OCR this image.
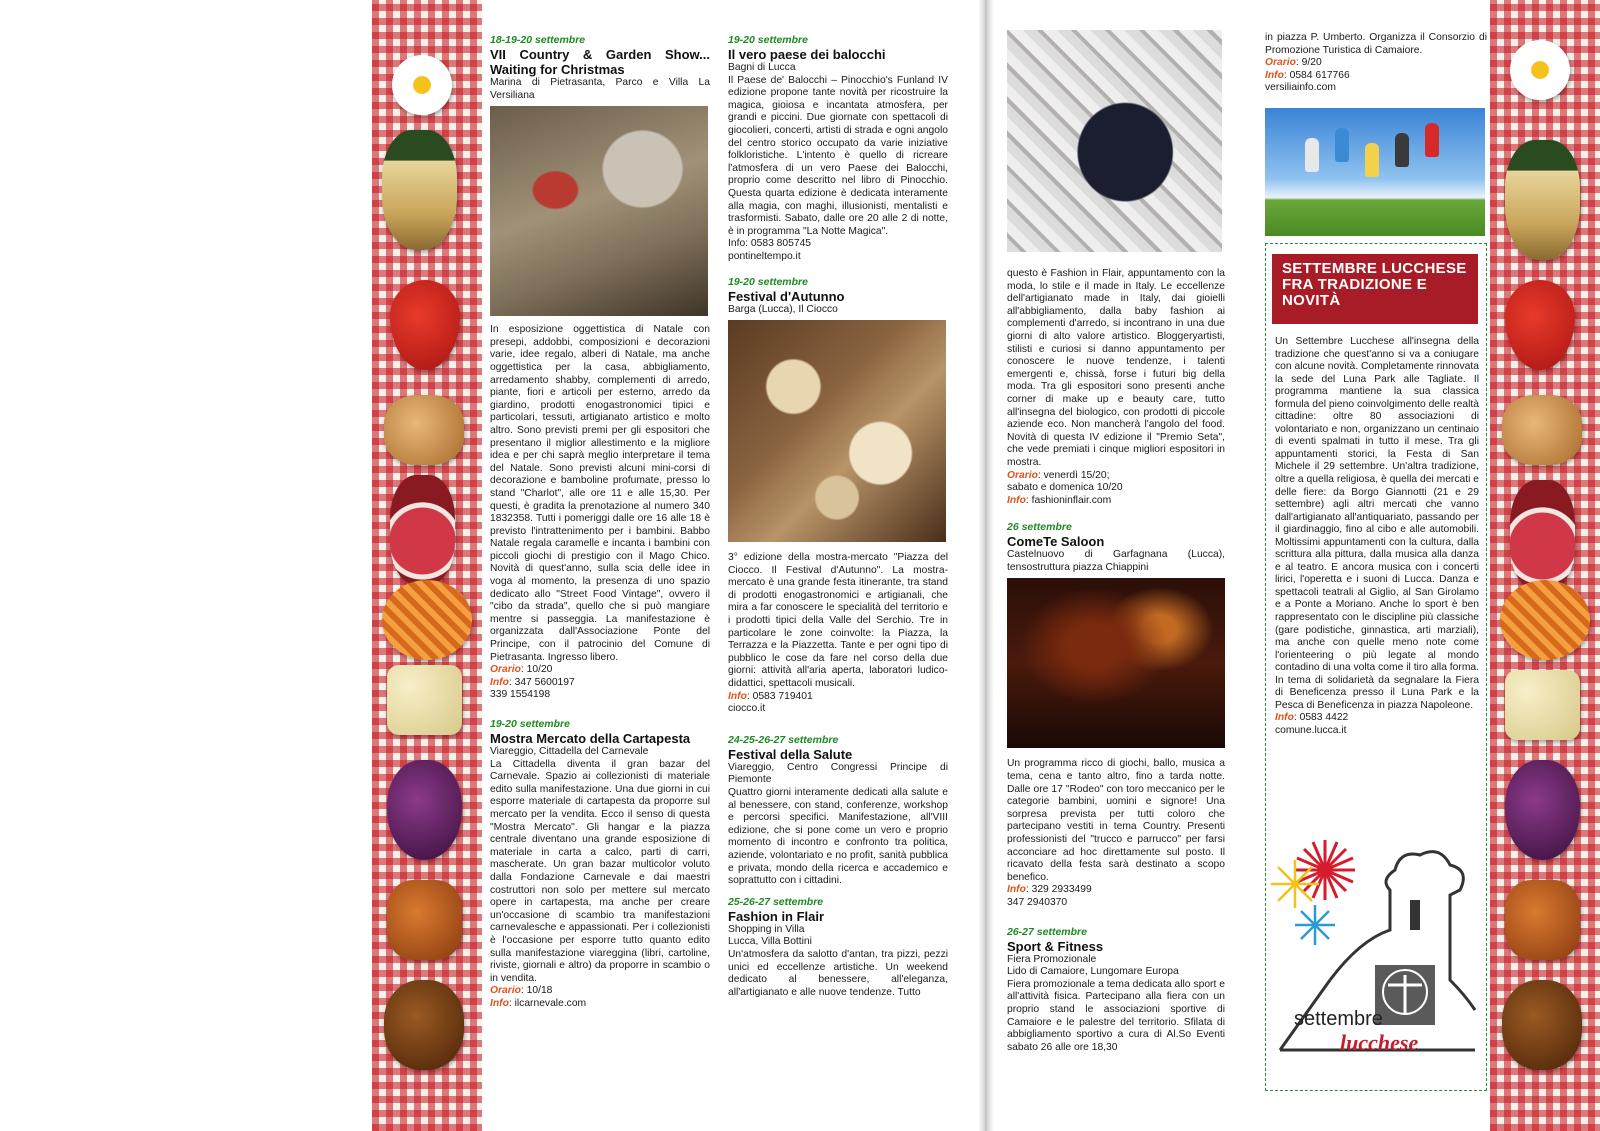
18-19-20 settembre
VII Country & Garden Show... Waiting for Christmas
Marina di Pietrasanta, Parco e Villa La Versiliana

In esposizione oggettistica di Natale con presepi, addobbi, composizioni e decorazioni varie, idee regalo, alberi di Natale, ma anche oggettistica per la casa, abbigliamento, arredamento shabby, complementi di arredo, piante, fiori e articoli per esterno, arredo da giardino, prodotti enogastronomici tipici e particolari, tessuti, artigianato artistico e molto altro. Sono previsti premi per gli espositori che presentano il miglior allestimento e la migliore idea e per chi saprà meglio interpretare il tema del Natale. Sono previsti alcuni mini-corsi di decorazione e bamboline profumate, presso lo stand "Charlot", alle ore 11 e alle 15,30. Per questi, è gradita la prenotazione al numero 340 1832358. Tutti i pomeriggi dalle ore 16 alle 18 è previsto l'intrattenimento per i bambini. Babbo Natale regala caramelle e incanta i bambini con piccoli giochi di prestigio con il Mago Chico. Novità di quest'anno, sulla scia delle idee in voga al momento, la presenza di uno spazio dedicato allo "Street Food Vintage", ovvero il "cibo da strada", quello che si può mangiare mentre si passeggia. La manifestazione è organizzata dall'Associazione Ponte del Principe, con il patrocinio del Comune di Pietrasanta. Ingresso libero.

Orario: 10/20
Info: 347 5600197
339 1554198
19-20 settembre
Mostra Mercato della Cartapesta
Viareggio, Cittadella del Carnevale

La Cittadella diventa il gran bazar del Carnevale. Spazio ai collezionisti di materiale edito sulla manifestazione. Una due giorni in cui esporre materiale di cartapesta da proporre sul mercato per la vendita. Ecco il senso di questa "Mostra Mercato". Gli hangar e la piazza centrale diventano una grande esposizione di materiale in carta a calco, parti di carri, mascherate. Un gran bazar multicolor voluto dalla Fondazione Carnevale e dai maestri costruttori non solo per mettere sul mercato opere in cartapesta, ma anche per creare un'occasione di scambio tra manifestazioni carnevalesche e appassionati. Per i collezionisti è l'occasione per esporre tutto quanto edito sulla manifestazione viareggina (libri, cartoline, riviste, giornali e altro) da proporre in scambio o in vendita.

Orario: 10/18
Info: ilcarnevale.com
19-20 settembre
Il vero paese dei balocchi
Bagni di Lucca

Il Paese de' Balocchi – Pinocchio's Funland IV edizione propone tante novità per ricostruire la magica, gioiosa e incantata atmosfera, per grandi e piccini. Due giornate con spettacoli di giocolieri, concerti, artisti di strada e ogni angolo del centro storico occupato da varie iniziative folkloristiche. L'intento è quello di ricreare l'atmosfera di un vero Paese dei Balocchi, proprio come descritto nel libro di Pinocchio. Questa quarta edizione è dedicata interamente alla magia, con maghi, illusionisti, mentalisti e trasformisti. Sabato, dalle ore 20 alle 2 di notte, è in programma "La Notte Magica".

Info: 0583 805745
pontineltempo.it
19-20 settembre
Festival d'Autunno
Barga (Lucca), Il Ciocco

3° edizione della mostra-mercato "Piazza del Ciocco. Il Festival d'Autunno". La mostra-mercato è una grande festa itinerante, tra stand di prodotti enogastronomici e artigianali, che mira a far conoscere le specialità del territorio e i prodotti tipici della Valle del Serchio. Tre in particolare le zone coinvolte: la Piazza, la Terrazza e la Piazzetta. Tante e per ogni tipo di pubblico le cose da fare nel corso della due giorni: attività all'aria aperta, laboratori ludico-didattici, spettacoli musicali.

Info: 0583 719401
ciocco.it
24-25-26-27 settembre
Festival della Salute
Viareggio, Centro Congressi Principe di Piemonte

Quattro giorni interamente dedicati alla salute e al benessere, con stand, conferenze, workshop e percorsi specifici. Manifestazione, all'VIII edizione, che si pone come un vero e proprio momento di incontro e confronto tra politica, aziende, volontariato e no profit, sanità pubblica e privata, mondo della ricerca e accademico e soprattutto con i cittadini.

25-26-27 settembre
Fashion in Flair
Shopping in Villa
Lucca, Villa Bottini

Un'atmosfera da salotto d'antan, tra pizzi, pezzi unici ed eccellenze artistiche. Un weekend dedicato al benessere, all'eleganza, all'artigianato e alle nuove tendenze. Tutto

questo è Fashion in Flair, appuntamento con la moda, lo stile e il made in Italy. Le eccellenze dell'artigianato made in Italy, dai gioielli all'abbigliamento, dalla baby fashion ai complementi d'arredo, si incontrano in una due giorni di alto valore artistico. Bloggeryartisti, stilisti e curiosi si danno appuntamento per conoscere le nuove tendenze, i talenti emergenti e, chissà, forse i futuri big della moda. Tra gli espositori sono presenti anche corner di make up e beauty care, tutto all'insegna del biologico, con prodotti di piccole aziende eco. Non mancherà l'angolo del food. Novità di questa IV edizione il "Premio Seta", che vede premiati i cinque migliori espositori in mostra.

Orario: venerdì 15/20;
sabato e domenica 10/20
Info: fashioninflair.com
26 settembre
ComeTe Saloon
Castelnuovo di Garfagnana (Lucca), tensostruttura piazza Chiappini

Un programma ricco di giochi, ballo, musica a tema, cena e tanto altro, fino a tarda notte. Dalle ore 17 "Rodeo" con toro meccanico per le categorie bambini, uomini e signore! Una sorpresa prevista per tutti coloro che partecipano vestiti in tema Country. Presenti professionisti del "trucco e parrucco" per farsi acconciare ad hoc direttamente sul posto. Il ricavato della festa sarà destinato a scopo benefico.

Info: 329 2933499
347 2940370
26-27 settembre
Sport & Fitness
Fiera Promozionale
Lido di Camaiore, Lungomare Europa

Fiera promozionale a tema dedicata allo sport e all'attività fisica. Partecipano alla fiera con un proprio stand le associazioni sportive di Camaiore e le palestre del territorio. Sfilata di abbigliamento sportivo a cura di Al.So Eventi sabato 26 alle ore 18,30

in piazza P. Umberto. Organizza il Consorzio di Promozione Turistica di Camaiore.

Orario: 9/20
Info: 0584 617766
versiliainfo.com
SETTEMBRE LUCCHESE FRA TRADIZIONE E NOVITÀ

Un Settembre Lucchese all'insegna della tradizione che quest'anno si va a coniugare con alcune novità. Completamente rinnovata la sede del Luna Park alle Tagliate. Il programma mantiene la sua classica formula del pieno coinvolgimento delle realtà cittadine: oltre 80 associazioni di volontariato e non, organizzano un centinaio di eventi spalmati in tutto il mese. Tra gli appuntamenti storici, la Festa di San Michele il 29 settembre. Un'altra tradizione, oltre a quella religiosa, è quella dei mercati e delle fiere: da Borgo Giannotti (21 e 29 settembre) agli altri mercati che vanno dall'artigianato all'antiquariato, passando per il giardinaggio, fino al cibo e alle automobili. Moltissimi appuntamenti con la cultura, dalla scrittura alla pittura, dalla musica alla danza e al teatro. E ancora musica con i concerti lirici, l'operetta e i suoni di Lucca. Danza e spettacoli teatrali al Giglio, al San Girolamo e a Ponte a Moriano. Anche lo sport è ben rappresentato con le discipline più classiche (gare podistiche, ginnastica, arti marziali), ma anche con quelle meno note come l'orienteering o più legate al mondo contadino di una volta come il tiro alla forma. In tema di solidarietà da segnalare la Fiera di Beneficenza presso il Luna Park e la Pesca di Beneficenza in piazza Napoleone.

Info: 0583 4422
comune.lucca.it
settembre
lucchese
